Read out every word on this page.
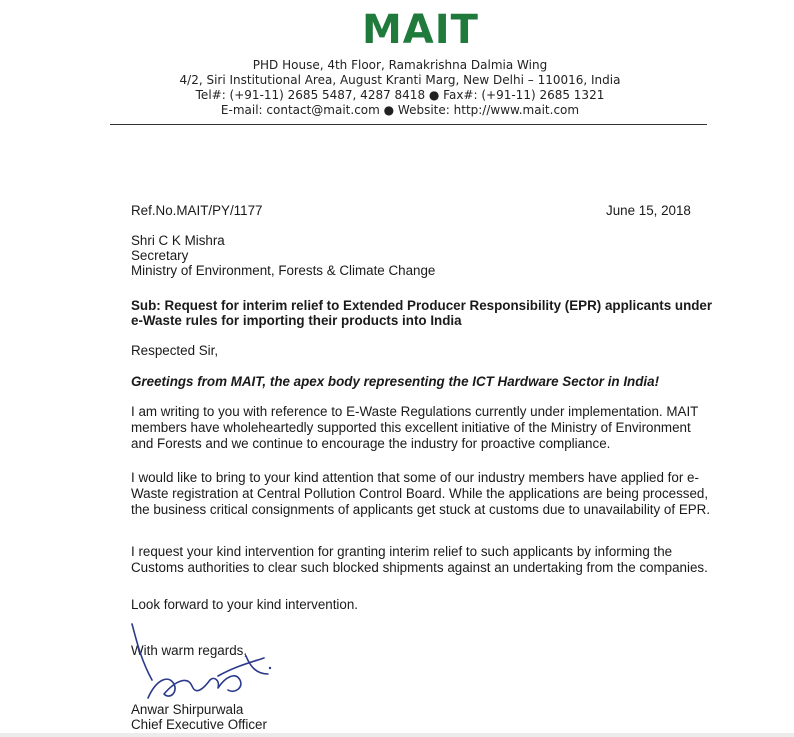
MAIT
PHD House, 4th Floor, Ramakrishna Dalmia Wing
4/2, Siri Institutional Area, August Kranti Marg, New Delhi – 110016, India
Tel#: (+91-11) 2685 5487, 4287 8418 ● Fax#: (+91-11) 2685 1321
E-mail: contact@mait.com ● Website: http://www.mait.com
Ref.No.MAIT/PY/1177	June 15, 2018
Shri C K Mishra
Secretary
Ministry of Environment, Forests & Climate Change
Sub: Request for interim relief to Extended Producer Responsibility (EPR) applicants under
e-Waste rules for importing their products into India
Respected Sir,
Greetings from MAIT, the apex body representing the ICT Hardware Sector in India!
I am writing to you with reference to E-Waste Regulations currently under implementation. MAIT
members have wholeheartedly supported this excellent initiative of the Ministry of Environment
and Forests and we continue to encourage the industry for proactive compliance.
I would like to bring to your kind attention that some of our industry members have applied for e-
Waste registration at Central Pollution Control Board. While the applications are being processed,
the business critical consignments of applicants get stuck at customs due to unavailability of EPR.
I request your kind intervention for granting interim relief to such applicants by informing the
Customs authorities to clear such blocked shipments against an undertaking from the companies.
Look forward to your kind intervention.
With warm regards,
Anwar Shirpurwala
Chief Executive Officer
